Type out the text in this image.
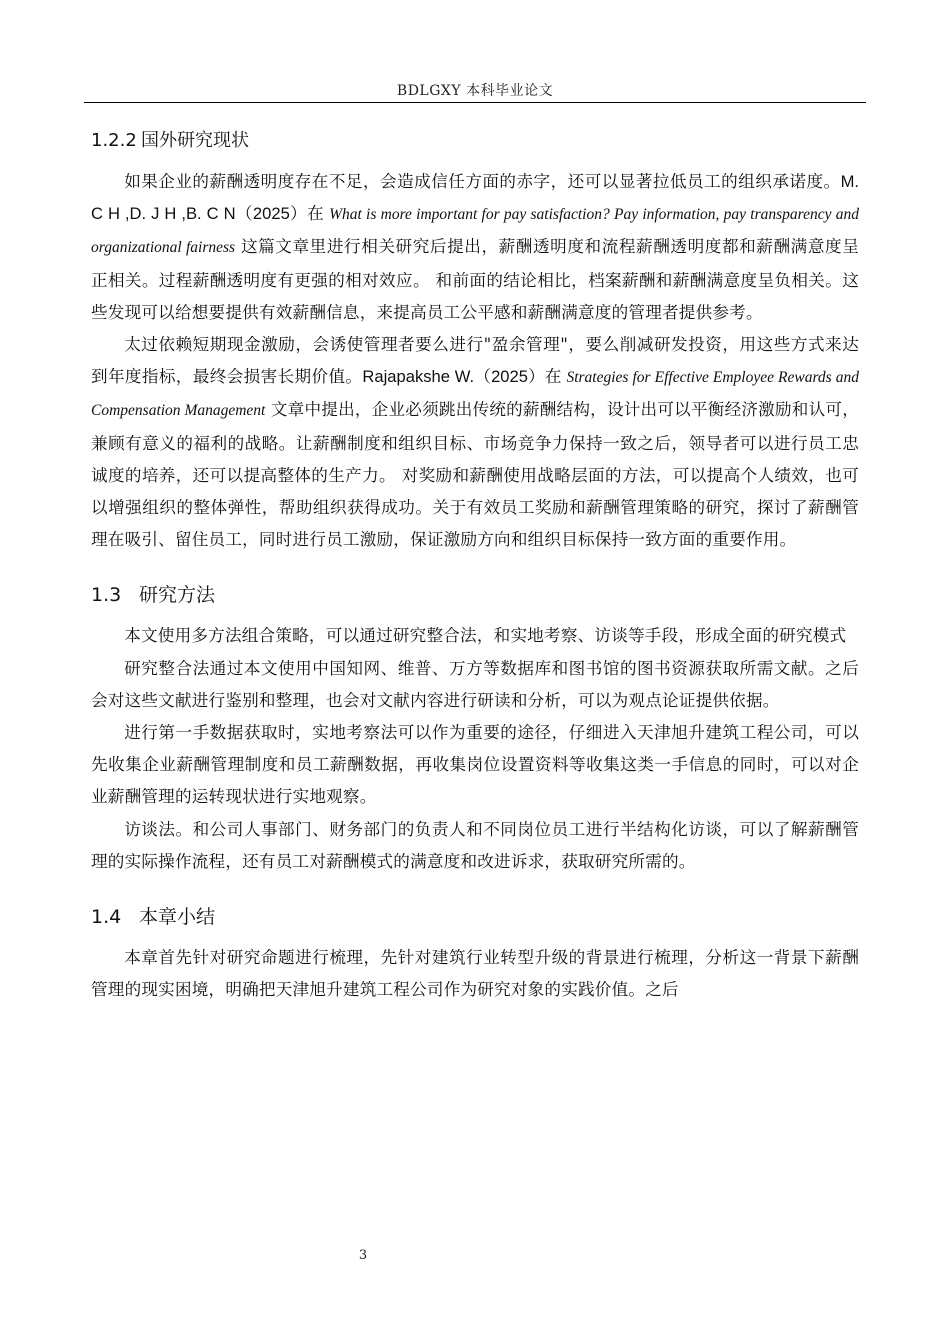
BDLGXY 本科毕业论文
1.2.2 国外研究现状

如果企业的薪酬透明度存在不足，会造成信任方面的赤字，还可以显著拉低员工的组织承诺度。M. C H ,D. J H ,B. C N（2025）在 What is more important for pay satisfaction? Pay information, pay transparency and organizational fairness 这篇文章里进行相关研究后提出，薪酬透明度和流程薪酬透明度都和薪酬满意度呈正相关。过程薪酬透明度有更强的相对效应。 和前面的结论相比，档案薪酬和薪酬满意度呈负相关。这些发现可以给想要提供有效薪酬信息，来提高员工公平感和薪酬满意度的管理者提供参考。

太过依赖短期现金激励，会诱使管理者要么进行"盈余管理"，要么削减研发投资，用这些方式来达到年度指标，最终会损害长期价值。Rajapakshe W.（2025）在 Strategies for Effective Employee Rewards and Compensation Management 文章中提出，企业必须跳出传统的薪酬结构，设计出可以平衡经济激励和认可，兼顾有意义的福利的战略。让薪酬制度和组织目标、市场竞争力保持一致之后，领导者可以进行员工忠诚度的培养，还可以提高整体的生产力。 对奖励和薪酬使用战略层面的方法，可以提高个人绩效，也可以增强组织的整体弹性，帮助组织获得成功。关于有效员工奖励和薪酬管理策略的研究，探讨了薪酬管理在吸引、留住员工，同时进行员工激励，保证激励方向和组织目标保持一致方面的重要作用。

1.3 研究方法

本文使用多方法组合策略，可以通过研究整合法，和实地考察、访谈等手段，形成全面的研究模式

研究整合法通过本文使用中国知网、维普、万方等数据库和图书馆的图书资源获取所需文献。之后会对这些文献进行鉴别和整理，也会对文献内容进行研读和分析，可以为观点论证提供依据。

进行第一手数据获取时，实地考察法可以作为重要的途径，仔细进入天津旭升建筑工程公司，可以先收集企业薪酬管理制度和员工薪酬数据，再收集岗位设置资料等收集这类一手信息的同时，可以对企业薪酬管理的运转现状进行实地观察。

访谈法。和公司人事部门、财务部门的负责人和不同岗位员工进行半结构化访谈，可以了解薪酬管理的实际操作流程，还有员工对薪酬模式的满意度和改进诉求，获取研究所需的。

1.4 本章小结

本章首先针对研究命题进行梳理，先针对建筑行业转型升级的背景进行梳理，分析这一背景下薪酬管理的现实困境，明确把天津旭升建筑工程公司作为研究对象的实践价值。之后

3
